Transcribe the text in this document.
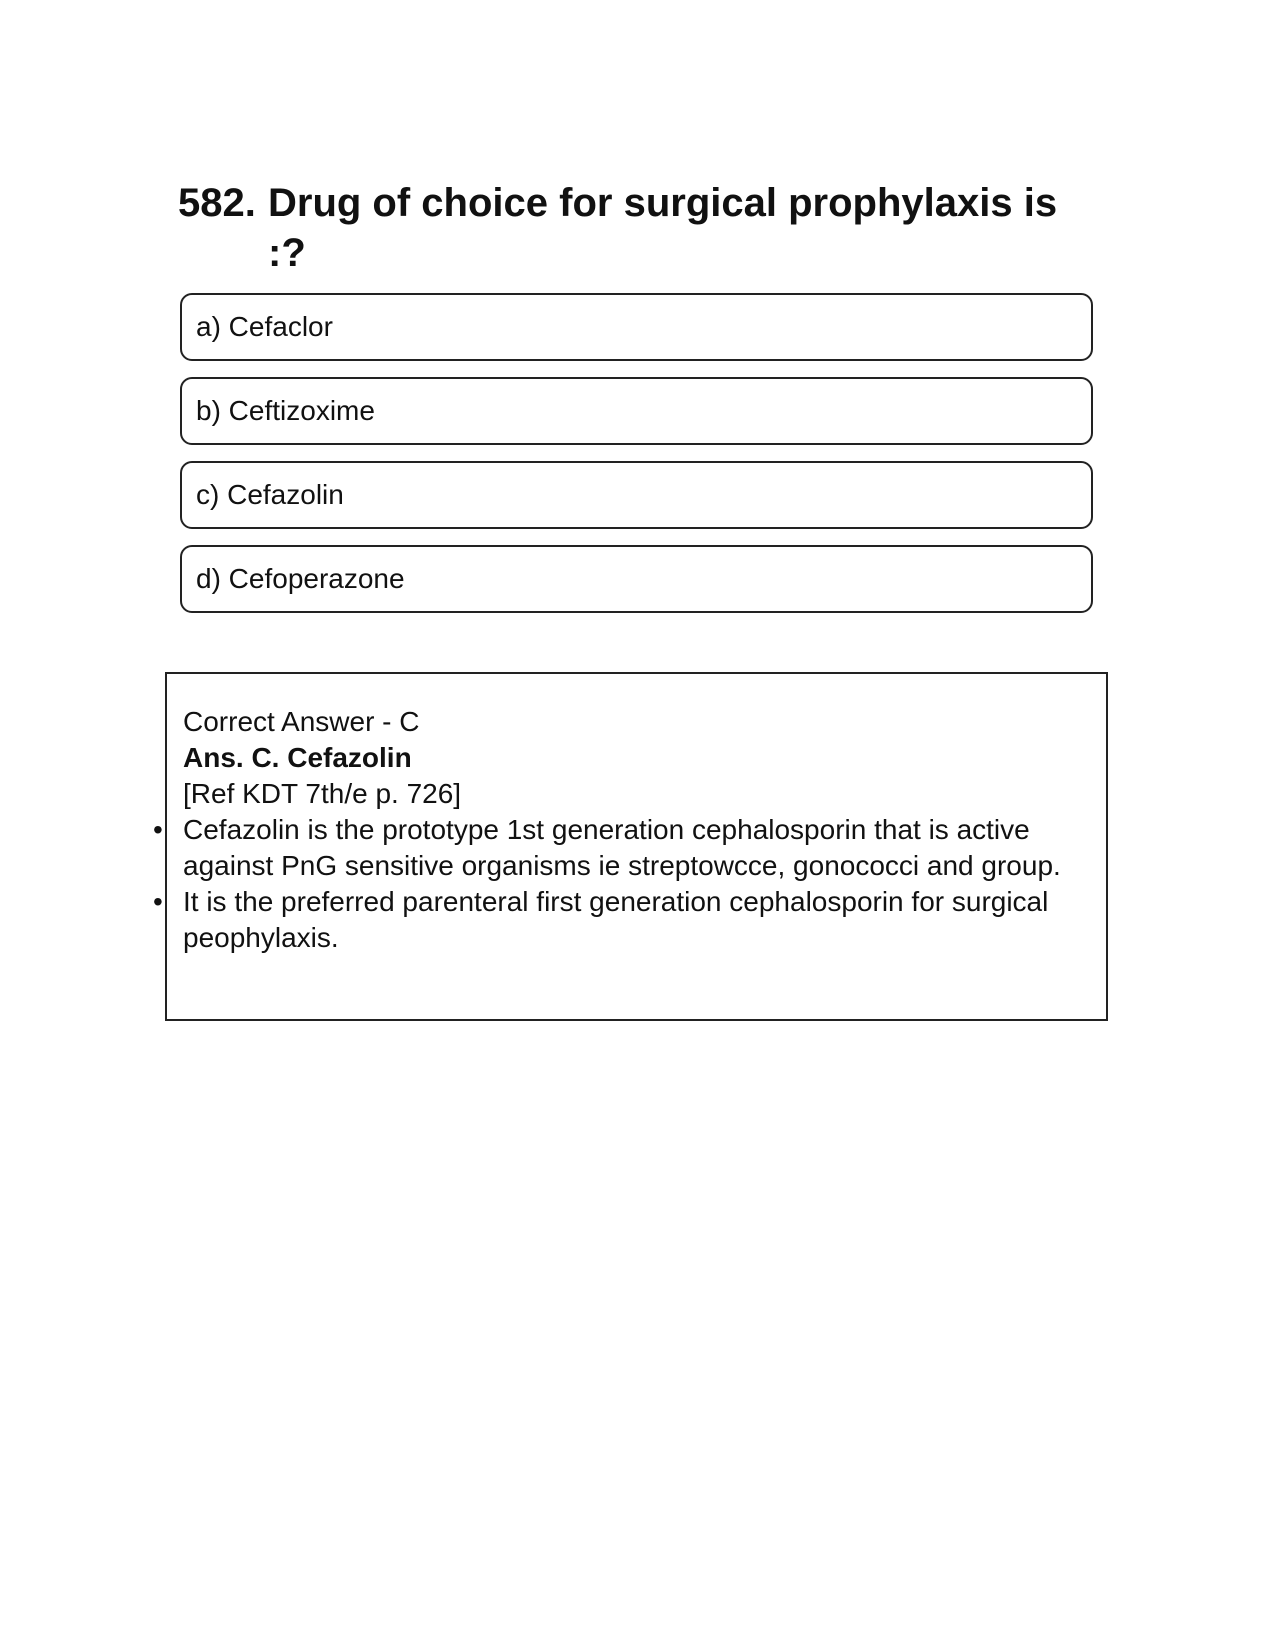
582. Drug of choice for surgical prophylaxis is :?
a) Cefaclor
b) Ceftizoxime
c) Cefazolin
d) Cefoperazone
Correct Answer - C
Ans. C. Cefazolin
[Ref KDT 7th/e p. 726]
• Cefazolin is the prototype 1st generation cephalosporin that is active against PnG sensitive organisms ie streptowcce, gonococci and group.
• It is the preferred parenteral first generation cephalosporin for surgical peophylaxis.
